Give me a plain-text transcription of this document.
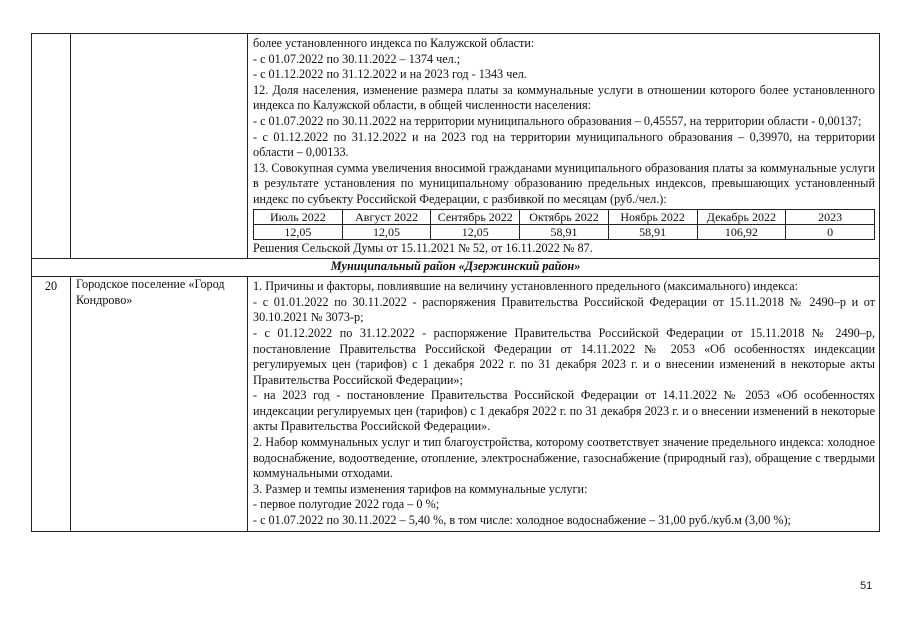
более установленного индекса по Калужской области:

- с 01.07.2022 по 30.11.2022 – 1374 чел.;

- с 01.12.2022 по 31.12.2022 и на 2023 год - 1343 чел.

12. Доля населения, изменение размера платы за коммунальные услуги в отношении которого более установленного индекса по Калужской области, в общей численности населения:

- с 01.07.2022 по 30.11.2022 на территории муниципального образования – 0,45557, на территории области - 0,00137;

- с 01.12.2022 по 31.12.2022 и на 2023 год на территории муниципального образования – 0,39970, на территории области – 0,00133.

13. Совокупная сумма увеличения вносимой гражданами муниципального образования платы за коммунальные услуги в результате установления по муниципальному образованию предельных индексов, превышающих установленный индекс по субъекту Российской Федерации, с разбивкой по месяцам (руб./чел.):

Июль 2022	Август 2022	Сентябрь 2022	Октябрь 2022	Ноябрь 2022	Декабрь 2022	2023
12,05	12,05	12,05	58,91	58,91	106,92	0

Решения Сельской Думы от 15.11.2021 № 52, от 16.11.2022 № 87.

Муниципальный район «Дзержинский район»
20	Городское поселение «Город Кондрово»	

1. Причины и факторы, повлиявшие на величину установленного предельного (максимального) индекса:

- с 01.01.2022 по 30.11.2022 - распоряжения Правительства Российской Федерации от 15.11.2018 № 2490–р и от 30.10.2021 № 3073-р;

- с 01.12.2022 по 31.12.2022 - распоряжение Правительства Российской Федерации от 15.11.2018 № 2490–р, постановление Правительства Российской Федерации от 14.11.2022 № 2053 «Об особенностях индексации регулируемых цен (тарифов) с 1 декабря 2022 г. по 31 декабря 2023 г. и о внесении изменений в некоторые акты Правительства Российской Федерации»;

- на 2023 год - постановление Правительства Российской Федерации от 14.11.2022 № 2053 «Об особенностях индексации регулируемых цен (тарифов) с 1 декабря 2022 г. по 31 декабря 2023 г. и о внесении изменений в некоторые акты Правительства Российской Федерации».

2. Набор коммунальных услуг и тип благоустройства, которому соответствует значение предельного индекса: холодное водоснабжение, водоотведение, отопление, электроснабжение, газоснабжение (природный газ), обращение с твердыми коммунальными отходами.

3. Размер и темпы изменения тарифов на коммунальные услуги:

- первое полугодие 2022 года – 0 %;

- с 01.07.2022 по 30.11.2022 – 5,40 %, в том числе: холодное водоснабжение – 31,00 руб./куб.м (3,00 %);

51
